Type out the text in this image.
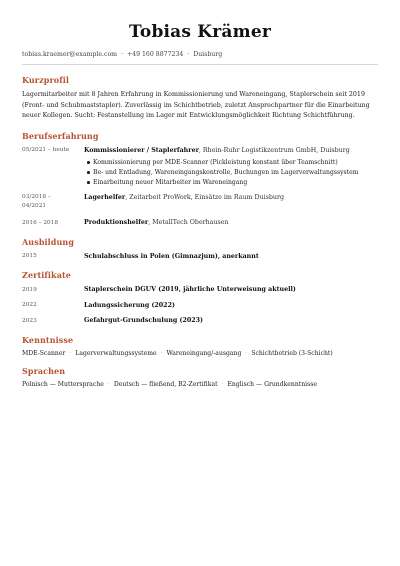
Tobias Krämer
tobias.kraemer@example.com · +49 160 8877234 · Duisburg
Kurzprofil

Lagermitarbeiter mit 8 Jahren Erfahrung in Kommissionierung und Wareneingang, Staplerschein seit 2019 (Front- und Schubmaststapler). Zuverlässig im Schichtbetrieb, zuletzt Ansprechpartner für die Einarbeitung neuer Kollegen. Sucht: Festanstellung im Lager mit Entwicklungsmöglichkeit Richtung Schichtführung.

Berufserfahrung
05/2021 – heute	Kommissionierer / Staplerfahrer, Rhein-Ruhr Logistikzentrum GmbH, Duisburg
Kommissionierung per MDE-Scanner (Pickleistung konstant über Teamschnitt)
Be- und Entladung, Wareneingangskontrolle, Buchungen im Lagerverwaltungssystem
Einarbeitung neuer Mitarbeiter im Wareneingang
03/2018 –
04/2021
Lagerhelfer, Zeitarbeit ProWork, Einsätze im Raum Duisburg
2016 – 2018	Produktionshelfer, MetallTech Oberhausen
Ausbildung
2015	Schulabschluss in Polen (Gimnazjum), anerkannt
Zertifikate
2019	Staplerschein DGUV (2019, jährliche Unterweisung aktuell)
2022	Ladungssicherung (2022)
2023	Gefahrgut-Grundschulung (2023)
Kenntnisse
MDE-Scanner ·	Lagerverwaltungssysteme ·	Wareneingang/-ausgang ·	Schichtbetrieb (3-Schicht)
Sprachen
Polnisch — Muttersprache ·	Deutsch — fließend, B2-Zertifikat ·	Englisch — Grundkenntnisse
